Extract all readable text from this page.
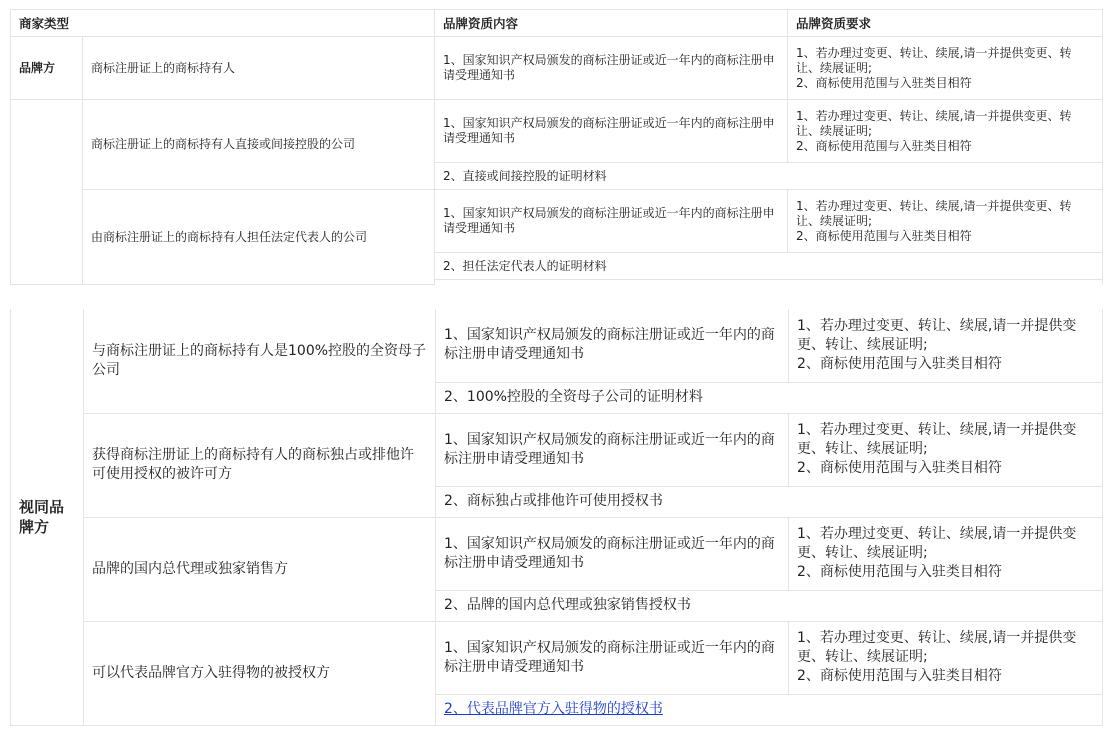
商家类型		品牌资质内容	品牌资质要求
品牌方	商标注册证上的商标持有人	1、国家知识产权局颁发的商标注册证或近一年内的商标注册申请受理通知书	1、若办理过变更、转让、续展,请一并提供变更、转让、续展证明;
2、商标使用范围与入驻类目相符
	商标注册证上的商标持有人直接或间接控股的公司	1、国家知识产权局颁发的商标注册证或近一年内的商标注册申请受理通知书	1、若办理过变更、转让、续展,请一并提供变更、转让、续展证明;
2、商标使用范围与入驻类目相符
		2、直接或间接控股的证明材料	
	由商标注册证上的商标持有人担任法定代表人的公司	1、国家知识产权局颁发的商标注册证或近一年内的商标注册申请受理通知书	1、若办理过变更、转让、续展,请一并提供变更、转让、续展证明;
2、商标使用范围与入驻类目相符
		2、担任法定代表人的证明材料	

视同品牌方	与商标注册证上的商标持有人是100%控股的全资母子公司	1、国家知识产权局颁发的商标注册证或近一年内的商标注册申请受理通知书	1、若办理过变更、转让、续展,请一并提供变更、转让、续展证明;
2、商标使用范围与入驻类目相符
		2、100%控股的全资母子公司的证明材料	
	获得商标注册证上的商标持有人的商标独占或排他许可使用授权的被许可方	1、国家知识产权局颁发的商标注册证或近一年内的商标注册申请受理通知书	1、若办理过变更、转让、续展,请一并提供变更、转让、续展证明;
2、商标使用范围与入驻类目相符
		2、商标独占或排他许可使用授权书	
	品牌的国内总代理或独家销售方	1、国家知识产权局颁发的商标注册证或近一年内的商标注册申请受理通知书	1、若办理过变更、转让、续展,请一并提供变更、转让、续展证明;
2、商标使用范围与入驻类目相符
		2、品牌的国内总代理或独家销售授权书	
	可以代表品牌官方入驻得物的被授权方	1、国家知识产权局颁发的商标注册证或近一年内的商标注册申请受理通知书	1、若办理过变更、转让、续展,请一并提供变更、转让、续展证明;
2、商标使用范围与入驻类目相符
		2、代表品牌官方入驻得物的授权书	
